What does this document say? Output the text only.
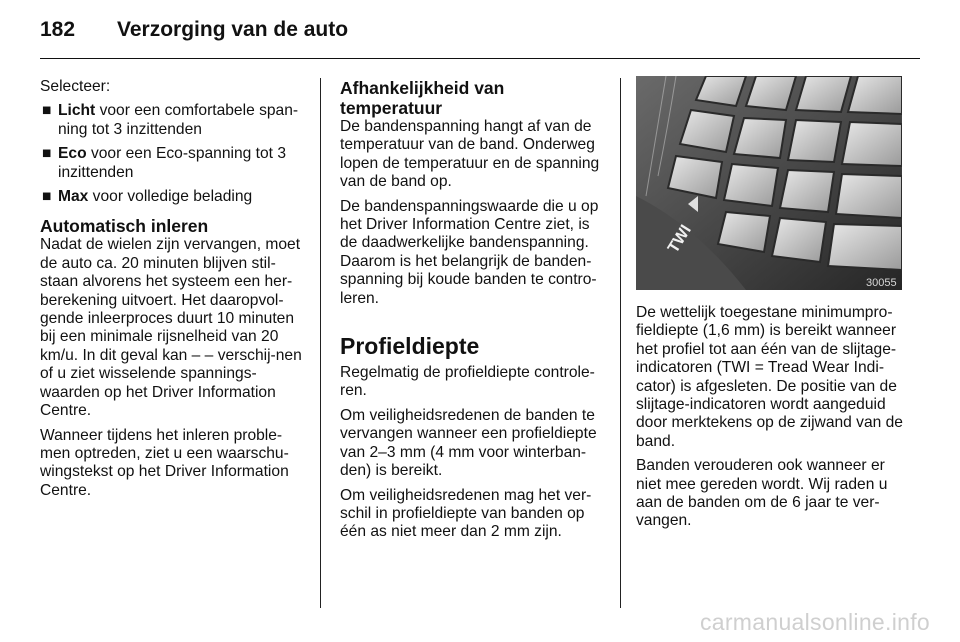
182 Verzorging van de auto

Selecteer:

■ Licht voor een comfortabele span-ning tot 3 inzittenden
■ Eco voor een Eco-spanning tot 3 inzittenden
■ Max voor volledige belading
Automatisch inleren

Nadat de wielen zijn vervangen, moet de auto ca. 20 minuten blijven stil-staan alvorens het systeem een her-berekening uitvoert. Het daaropvol-gende inleerproces duurt 10 minuten bij een minimale rijsnelheid van 20 km/u. In dit geval kan – – verschij-nen of u ziet wisselende spannings-waarden op het Driver Information Centre.

Wanneer tijdens het inleren proble-men optreden, ziet u een waarschu-wingstekst op het Driver Information Centre.

Afhankelijkheid van temperatuur

De bandenspanning hangt af van de temperatuur van de band. Onderweg lopen de temperatuur en de spanning van de band op.

De bandenspanningswaarde die u op het Driver Information Centre ziet, is de daadwerkelijke bandenspanning. Daarom is het belangrijk de banden-spanning bij koude banden te contro-leren.

Profieldiepte

Regelmatig de profieldiepte controle-ren.

Om veiligheidsredenen de banden te vervangen wanneer een profieldiepte van 2–3 mm (4 mm voor winterban-den) is bereikt.

Om veiligheidsredenen mag het ver-schil in profieldiepte van banden op één as niet meer dan 2 mm zijn.

TWI
30055

De wettelijk toegestane minimumpro-fieldiepte (1,6 mm) is bereikt wanneer het profiel tot aan één van de slijtage-indicatoren (TWI = Tread Wear Indi-cator) is afgesleten. De positie van de slijtage-indicatoren wordt aangeduid door merktekens op de zijwand van de band.

Banden verouderen ook wanneer er niet mee gereden wordt. Wij raden u aan de banden om de 6 jaar te ver-vangen.

carmanualsonline.info
